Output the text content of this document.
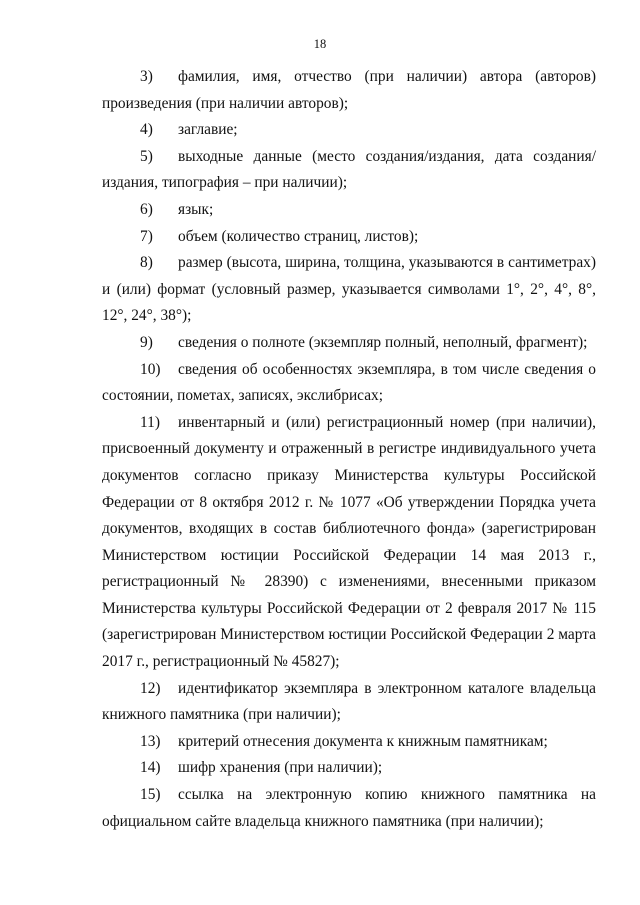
18

3) фамилия, имя, отчество (при наличии) автора (авторов) произведения (при наличии авторов);

4) заглавие;

5) выходные данные (место создания/издания, дата создания/издания, типография – при наличии);

6) язык;

7) объем (количество страниц, листов);

8) размер (высота, ширина, толщина, указываются в сантиметрах) и (или) формат (условный размер, указывается символами 1°, 2°, 4°, 8°, 12°, 24°, 38°);

9) сведения о полноте (экземпляр полный, неполный, фрагмент);

10) сведения об особенностях экземпляра, в том числе сведения о состоянии, пометах, записях, экслибрисах;

11) инвентарный и (или) регистрационный номер (при наличии), присвоенный документу и отраженный в регистре индивидуального учета документов согласно приказу Министерства культуры Российской Федерации от 8 октября 2012 г. № 1077 «Об утверждении Порядка учета документов, входящих в состав библиотечного фонда» (зарегистрирован Министерством юстиции Российской Федерации 14 мая 2013 г., регистрационный № 28390) с изменениями, внесенными приказом Министерства культуры Российской Федерации от 2 февраля 2017 № 115 (зарегистрирован Министерством юстиции Российской Федерации 2 марта 2017 г., регистрационный № 45827);

12) идентификатор экземпляра в электронном каталоге владельца книжного памятника (при наличии);

13) критерий отнесения документа к книжным памятникам;

14) шифр хранения (при наличии);

15) ссылка на электронную копию книжного памятника на официальном сайте владельца книжного памятника (при наличии);
